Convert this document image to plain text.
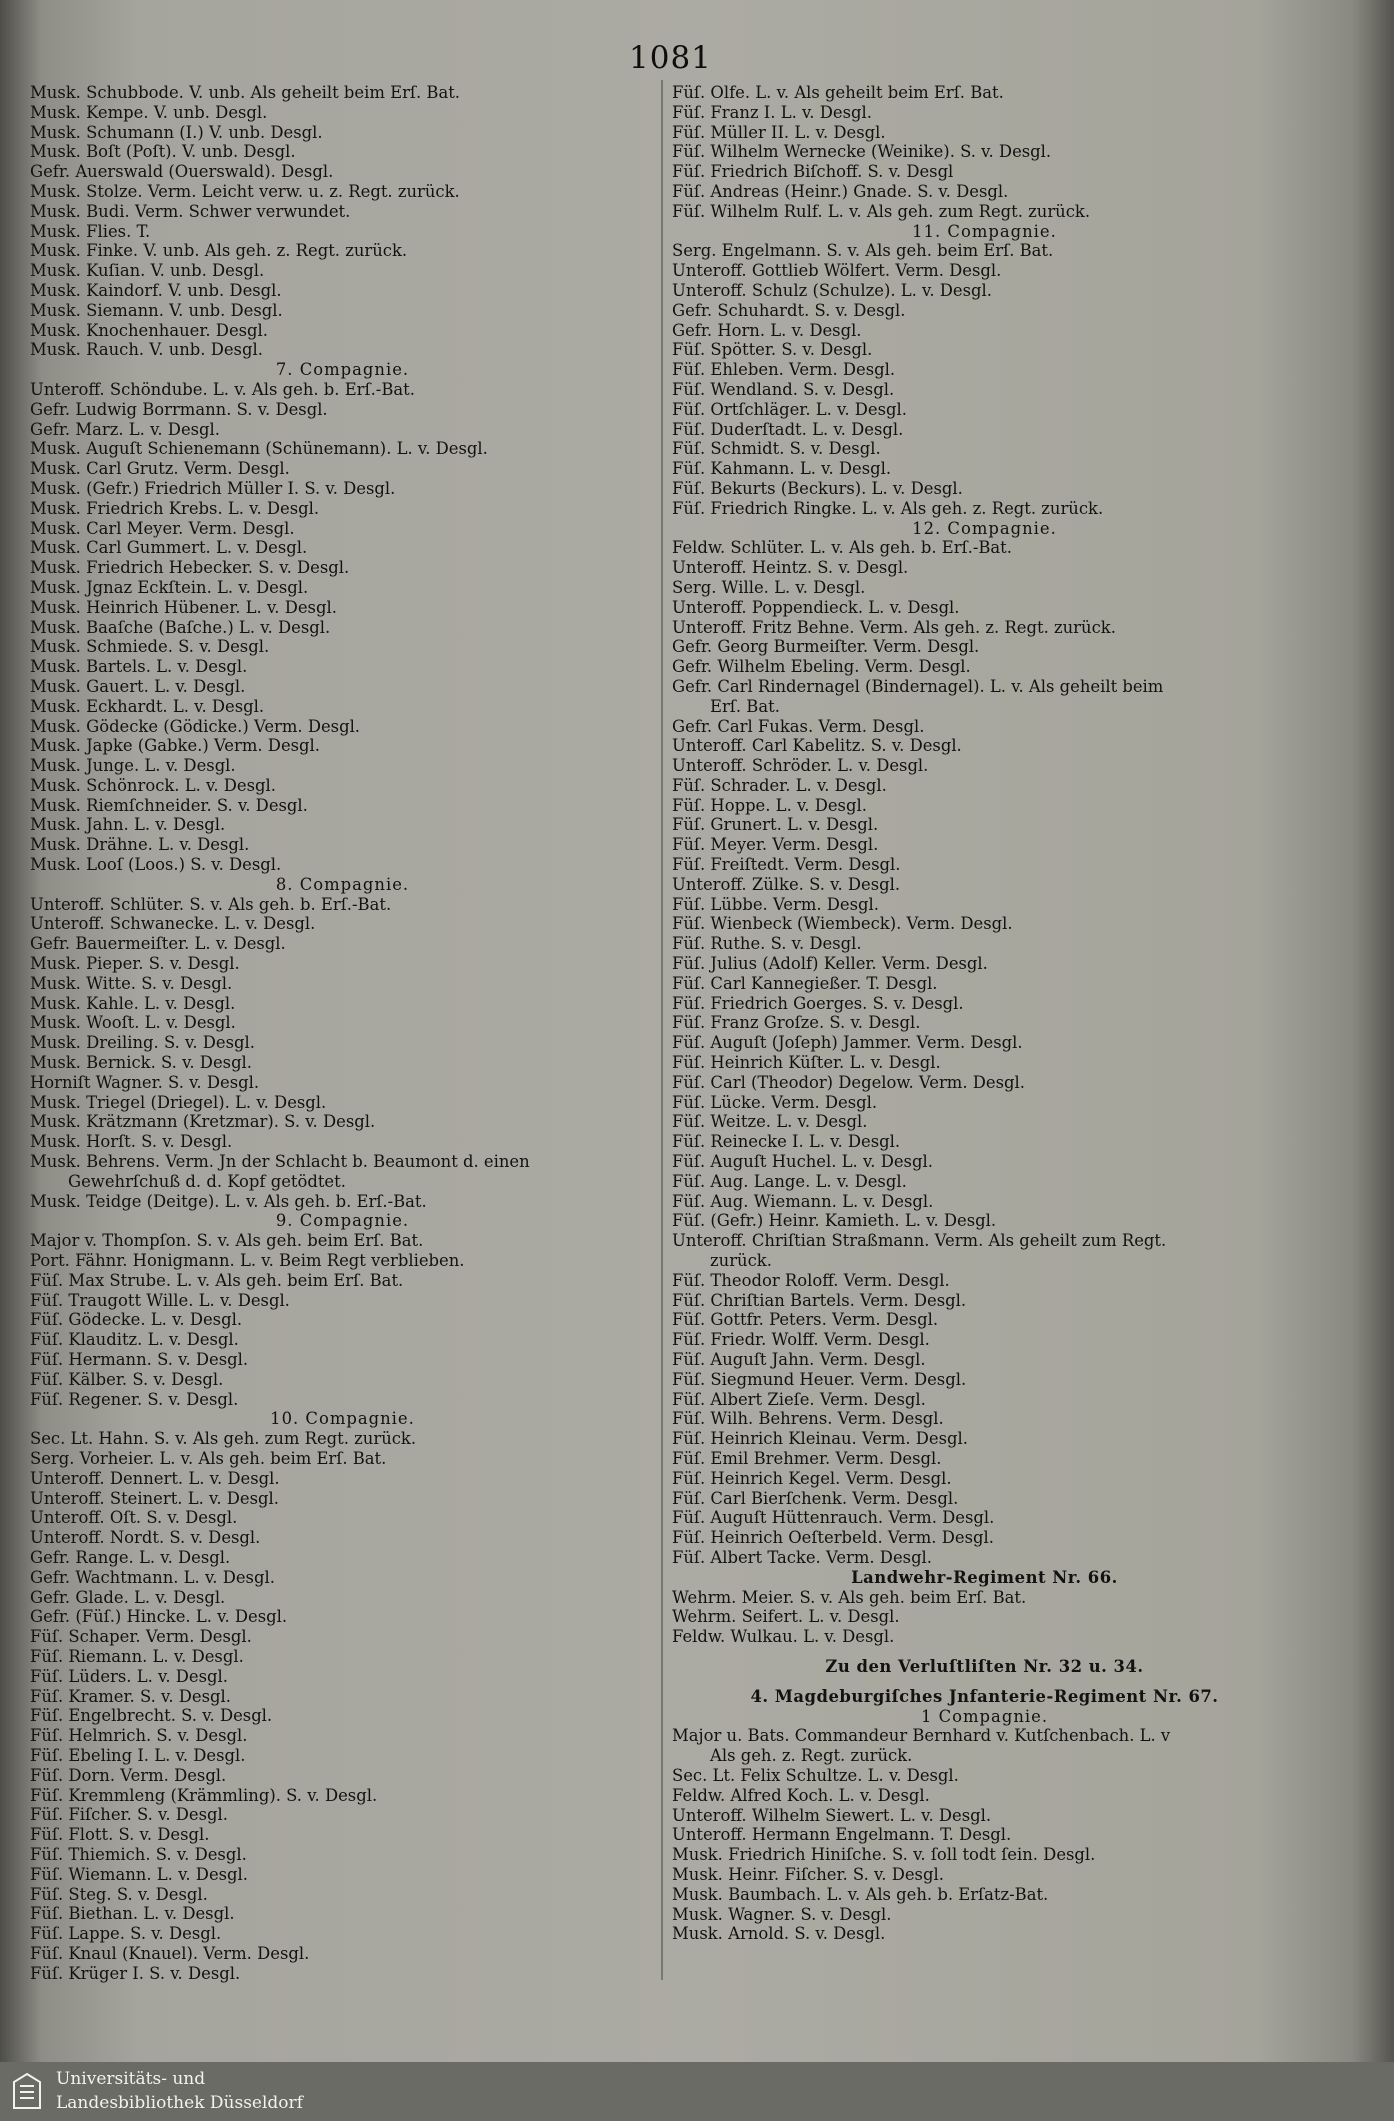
1081
Musk. Schubbode. V. unb. Als geheilt beim Erſ. Bat.
Musk. Kempe. V. unb. Desgl.
Musk. Schumann (I.) V. unb. Desgl.
Musk. Boſt (Poſt). V. unb. Desgl.
Gefr. Auerswald (Ouerswald). Desgl.
Musk. Stolze. Verm. Leicht verw. u. z. Regt. zurück.
Musk. Budi. Verm. Schwer verwundet.
Musk. Flies. T.
Musk. Finke. V. unb. Als geh. z. Regt. zurück.
Musk. Kuſian. V. unb. Desgl.
Musk. Kaindorf. V. unb. Desgl.
Musk. Siemann. V. unb. Desgl.
Musk. Knochenhauer. Desgl.
Musk. Rauch. V. unb. Desgl.
7. Compagnie.
Unteroff. Schöndube. L. v. Als geh. b. Erſ.-Bat.
Gefr. Ludwig Borrmann. S. v. Desgl.
Gefr. Marz. L. v. Desgl.
Musk. Auguſt Schienemann (Schünemann). L. v. Desgl.
Musk. Carl Grutz. Verm. Desgl.
Musk. (Gefr.) Friedrich Müller I. S. v. Desgl.
Musk. Friedrich Krebs. L. v. Desgl.
Musk. Carl Meyer. Verm. Desgl.
Musk. Carl Gummert. L. v. Desgl.
Musk. Friedrich Hebecker. S. v. Desgl.
Musk. Jgnaz Eckſtein. L. v. Desgl.
Musk. Heinrich Hübener. L. v. Desgl.
Musk. Baaſche (Baſche.) L. v. Desgl.
Musk. Schmiede. S. v. Desgl.
Musk. Bartels. L. v. Desgl.
Musk. Gauert. L. v. Desgl.
Musk. Eckhardt. L. v. Desgl.
Musk. Gödecke (Gödicke.) Verm. Desgl.
Musk. Japke (Gabke.) Verm. Desgl.
Musk. Junge. L. v. Desgl.
Musk. Schönrock. L. v. Desgl.
Musk. Riemſchneider. S. v. Desgl.
Musk. Jahn. L. v. Desgl.
Musk. Drähne. L. v. Desgl.
Musk. Looſ (Loos.) S. v. Desgl.
8. Compagnie.
Unteroff. Schlüter. S. v. Als geh. b. Erſ.-Bat.
Unteroff. Schwanecke. L. v. Desgl.
Gefr. Bauermeiſter. L. v. Desgl.
Musk. Pieper. S. v. Desgl.
Musk. Witte. S. v. Desgl.
Musk. Kahle. L. v. Desgl.
Musk. Wooſt. L. v. Desgl.
Musk. Dreiling. S. v. Desgl.
Musk. Bernick. S. v. Desgl.
Horniſt Wagner. S. v. Desgl.
Musk. Triegel (Driegel). L. v. Desgl.
Musk. Krätzmann (Kretzmar). S. v. Desgl.
Musk. Horſt. S. v. Desgl.
Musk. Behrens. Verm. Jn der Schlacht b. Beaumont d. einen
Gewehrſchuß d. d. Kopf getödtet.
Musk. Teidge (Deitge). L. v. Als geh. b. Erſ.-Bat.
9. Compagnie.
Major v. Thompſon. S. v. Als geh. beim Erſ. Bat.
Port. Fähnr. Honigmann. L. v. Beim Regt verblieben.
Füſ. Max Strube. L. v. Als geh. beim Erſ. Bat.
Füſ. Traugott Wille. L. v. Desgl.
Füſ. Gödecke. L. v. Desgl.
Füſ. Klauditz. L. v. Desgl.
Füſ. Hermann. S. v. Desgl.
Füſ. Kälber. S. v. Desgl.
Füſ. Regener. S. v. Desgl.
10. Compagnie.
Sec. Lt. Hahn. S. v. Als geh. zum Regt. zurück.
Serg. Vorheier. L. v. Als geh. beim Erſ. Bat.
Unteroff. Dennert. L. v. Desgl.
Unteroff. Steinert. L. v. Desgl.
Unteroff. Oſt. S. v. Desgl.
Unteroff. Nordt. S. v. Desgl.
Gefr. Range. L. v. Desgl.
Gefr. Wachtmann. L. v. Desgl.
Gefr. Glade. L. v. Desgl.
Gefr. (Füſ.) Hincke. L. v. Desgl.
Füſ. Schaper. Verm. Desgl.
Füſ. Riemann. L. v. Desgl.
Füſ. Lüders. L. v. Desgl.
Füſ. Kramer. S. v. Desgl.
Füſ. Engelbrecht. S. v. Desgl.
Füſ. Helmrich. S. v. Desgl.
Füſ. Ebeling I. L. v. Desgl.
Füſ. Dorn. Verm. Desgl.
Füſ. Kremmleng (Krämmling). S. v. Desgl.
Füſ. Fiſcher. S. v. Desgl.
Füſ. Flott. S. v. Desgl.
Füſ. Thiemich. S. v. Desgl.
Füſ. Wiemann. L. v. Desgl.
Füſ. Steg. S. v. Desgl.
Füſ. Biethan. L. v. Desgl.
Füſ. Lappe. S. v. Desgl.
Füſ. Knaul (Knauel). Verm. Desgl.
Füſ. Krüger I. S. v. Desgl.
Füſ. Olfe. L. v. Als geheilt beim Erſ. Bat.
Füſ. Franz I. L. v. Desgl.
Füſ. Müller II. L. v. Desgl.
Füſ. Wilhelm Wernecke (Weinike). S. v. Desgl.
Füſ. Friedrich Biſchoff. S. v. Desgl
Füſ. Andreas (Heinr.) Gnade. S. v. Desgl.
Füſ. Wilhelm Rulf. L. v. Als geh. zum Regt. zurück.
11. Compagnie.
Serg. Engelmann. S. v. Als geh. beim Erſ. Bat.
Unteroff. Gottlieb Wölfert. Verm. Desgl.
Unteroff. Schulz (Schulze). L. v. Desgl.
Gefr. Schuhardt. S. v. Desgl.
Gefr. Horn. L. v. Desgl.
Füſ. Spötter. S. v. Desgl.
Füſ. Ehleben. Verm. Desgl.
Füſ. Wendland. S. v. Desgl.
Füſ. Ortſchläger. L. v. Desgl.
Füſ. Duderſtadt. L. v. Desgl.
Füſ. Schmidt. S. v. Desgl.
Füſ. Kahmann. L. v. Desgl.
Füſ. Bekurts (Beckurs). L. v. Desgl.
Füſ. Friedrich Ringke. L. v. Als geh. z. Regt. zurück.
12. Compagnie.
Feldw. Schlüter. L. v. Als geh. b. Erſ.-Bat.
Unteroff. Heintz. S. v. Desgl.
Serg. Wille. L. v. Desgl.
Unteroff. Poppendieck. L. v. Desgl.
Unteroff. Fritz Behne. Verm. Als geh. z. Regt. zurück.
Gefr. Georg Burmeiſter. Verm. Desgl.
Gefr. Wilhelm Ebeling. Verm. Desgl.
Gefr. Carl Rindernagel (Bindernagel). L. v. Als geheilt beim
Erſ. Bat.
Gefr. Carl Fukas. Verm. Desgl.
Unteroff. Carl Kabelitz. S. v. Desgl.
Unteroff. Schröder. L. v. Desgl.
Füſ. Schrader. L. v. Desgl.
Füſ. Hoppe. L. v. Desgl.
Füſ. Grunert. L. v. Desgl.
Füſ. Meyer. Verm. Desgl.
Füſ. Freiſtedt. Verm. Desgl.
Unteroff. Zülke. S. v. Desgl.
Füſ. Lübbe. Verm. Desgl.
Füſ. Wienbeck (Wiembeck). Verm. Desgl.
Füſ. Ruthe. S. v. Desgl.
Füſ. Julius (Adolf) Keller. Verm. Desgl.
Füſ. Carl Kannegießer. T. Desgl.
Füſ. Friedrich Goerges. S. v. Desgl.
Füſ. Franz Groſze. S. v. Desgl.
Füſ. Auguſt (Joſeph) Jammer. Verm. Desgl.
Füſ. Heinrich Küſter. L. v. Desgl.
Füſ. Carl (Theodor) Degelow. Verm. Desgl.
Füſ. Lücke. Verm. Desgl.
Füſ. Weitze. L. v. Desgl.
Füſ. Reinecke I. L. v. Desgl.
Füſ. Auguſt Huchel. L. v. Desgl.
Füſ. Aug. Lange. L. v. Desgl.
Füſ. Aug. Wiemann. L. v. Desgl.
Füſ. (Gefr.) Heinr. Kamieth. L. v. Desgl.
Unteroff. Chriſtian Straßmann. Verm. Als geheilt zum Regt.
zurück.
Füſ. Theodor Roloff. Verm. Desgl.
Füſ. Chriſtian Bartels. Verm. Desgl.
Füſ. Gottfr. Peters. Verm. Desgl.
Füſ. Friedr. Wolff. Verm. Desgl.
Füſ. Auguſt Jahn. Verm. Desgl.
Füſ. Siegmund Heuer. Verm. Desgl.
Füſ. Albert Zieſe. Verm. Desgl.
Füſ. Wilh. Behrens. Verm. Desgl.
Füſ. Heinrich Kleinau. Verm. Desgl.
Füſ. Emil Brehmer. Verm. Desgl.
Füſ. Heinrich Kegel. Verm. Desgl.
Füſ. Carl Bierſchenk. Verm. Desgl.
Füſ. Auguſt Hüttenrauch. Verm. Desgl.
Füſ. Heinrich Oeſterbeld. Verm. Desgl.
Füſ. Albert Tacke. Verm. Desgl.
Landwehr-Regiment Nr. 66.
Wehrm. Meier. S. v. Als geh. beim Erſ. Bat.
Wehrm. Seifert. L. v. Desgl.
Feldw. Wulkau. L. v. Desgl.
Zu den Verluſtliſten Nr. 32 u. 34.
4. Magdeburgiſches Jnfanterie-Regiment Nr. 67.
1 Compagnie.
Major u. Bats. Commandeur Bernhard v. Kutſchenbach. L. v
Als geh. z. Regt. zurück.
Sec. Lt. Felix Schultze. L. v. Desgl.
Feldw. Alfred Koch. L. v. Desgl.
Unteroff. Wilhelm Siewert. L. v. Desgl.
Unteroff. Hermann Engelmann. T. Desgl.
Musk. Friedrich Hiniſche. S. v. ſoll todt ſein. Desgl.
Musk. Heinr. Fiſcher. S. v. Desgl.
Musk. Baumbach. L. v. Als geh. b. Erſatz-Bat.
Musk. Wagner. S. v. Desgl.
Musk. Arnold. S. v. Desgl.
Universitäts- und
Landesbibliothek Düsseldorf
